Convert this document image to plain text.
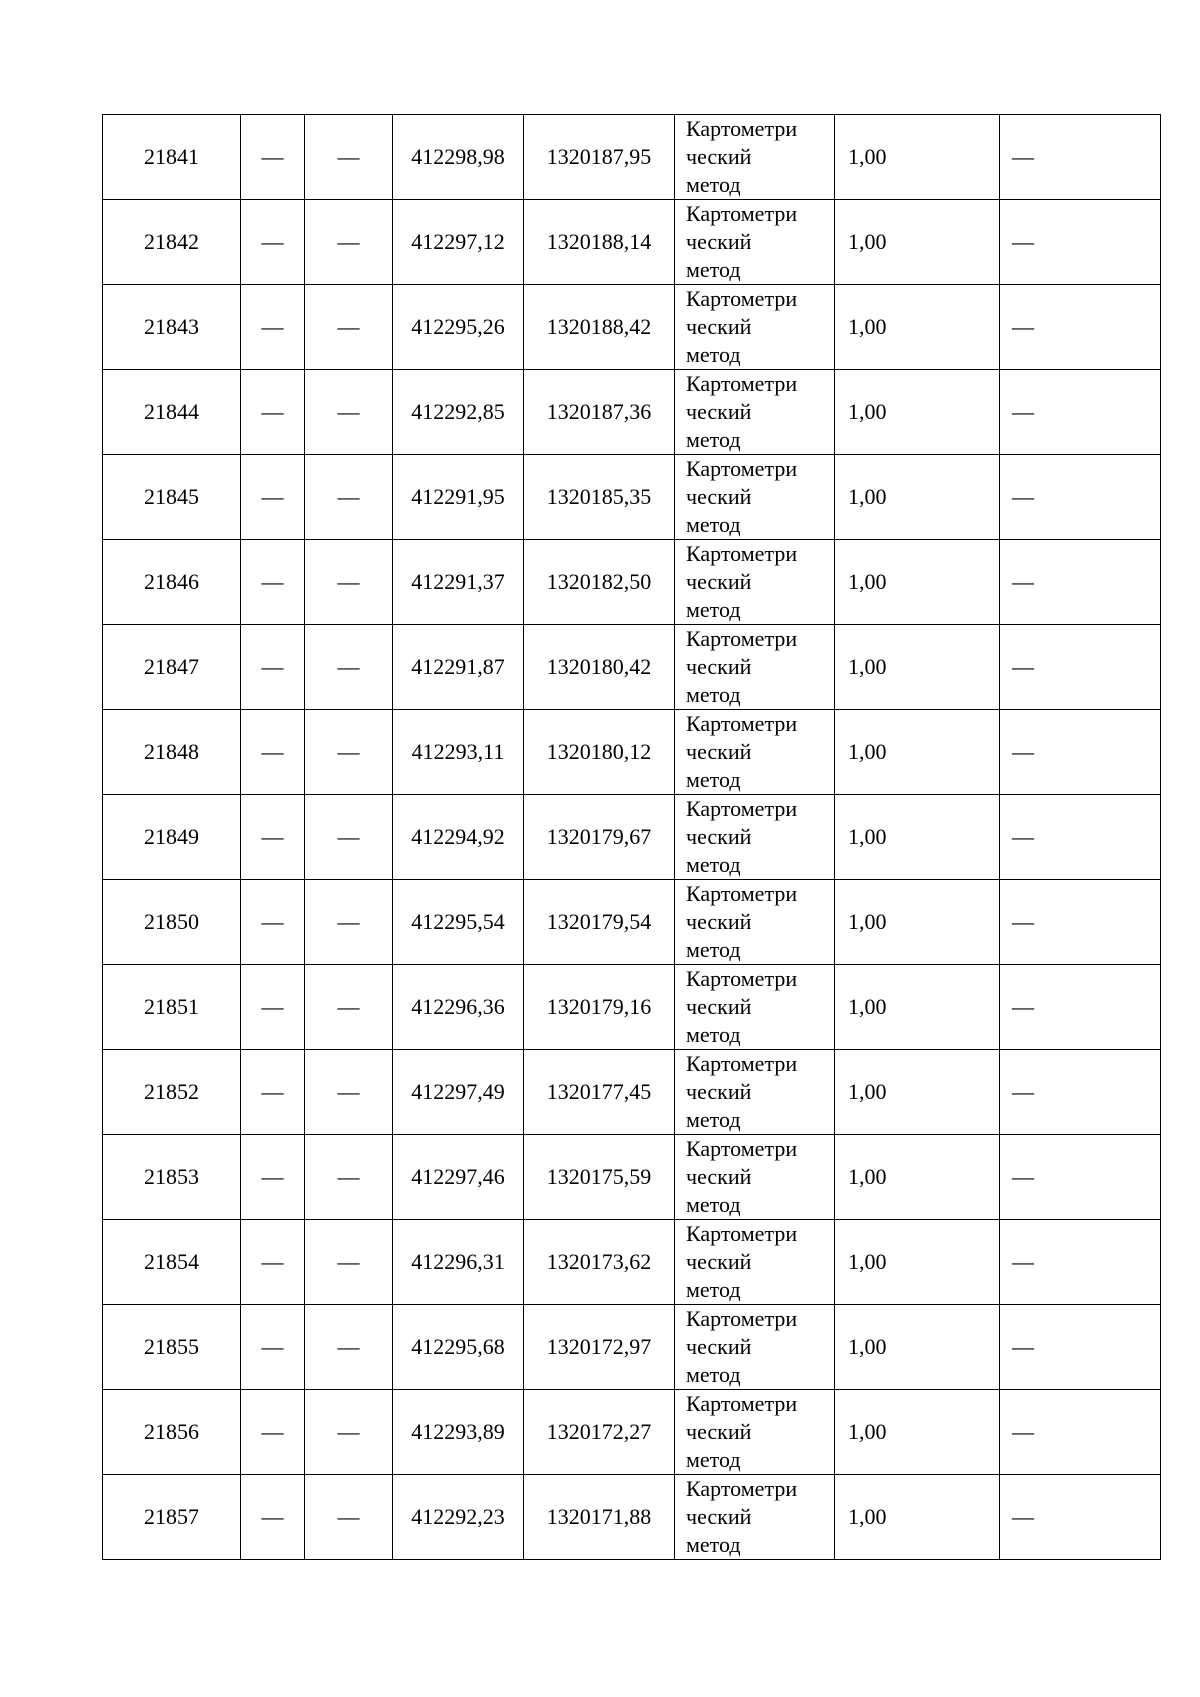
21841	—	—	412298,98	1320187,95	Картометри
ческий
метод	1,00	—
21842	—	—	412297,12	1320188,14	Картометри
ческий
метод	1,00	—
21843	—	—	412295,26	1320188,42	Картометри
ческий
метод	1,00	—
21844	—	—	412292,85	1320187,36	Картометри
ческий
метод	1,00	—
21845	—	—	412291,95	1320185,35	Картометри
ческий
метод	1,00	—
21846	—	—	412291,37	1320182,50	Картометри
ческий
метод	1,00	—
21847	—	—	412291,87	1320180,42	Картометри
ческий
метод	1,00	—
21848	—	—	412293,11	1320180,12	Картометри
ческий
метод	1,00	—
21849	—	—	412294,92	1320179,67	Картометри
ческий
метод	1,00	—
21850	—	—	412295,54	1320179,54	Картометри
ческий
метод	1,00	—
21851	—	—	412296,36	1320179,16	Картометри
ческий
метод	1,00	—
21852	—	—	412297,49	1320177,45	Картометри
ческий
метод	1,00	—
21853	—	—	412297,46	1320175,59	Картометри
ческий
метод	1,00	—
21854	—	—	412296,31	1320173,62	Картометри
ческий
метод	1,00	—
21855	—	—	412295,68	1320172,97	Картометри
ческий
метод	1,00	—
21856	—	—	412293,89	1320172,27	Картометри
ческий
метод	1,00	—
21857	—	—	412292,23	1320171,88	Картометри
ческий
метод	1,00	—
